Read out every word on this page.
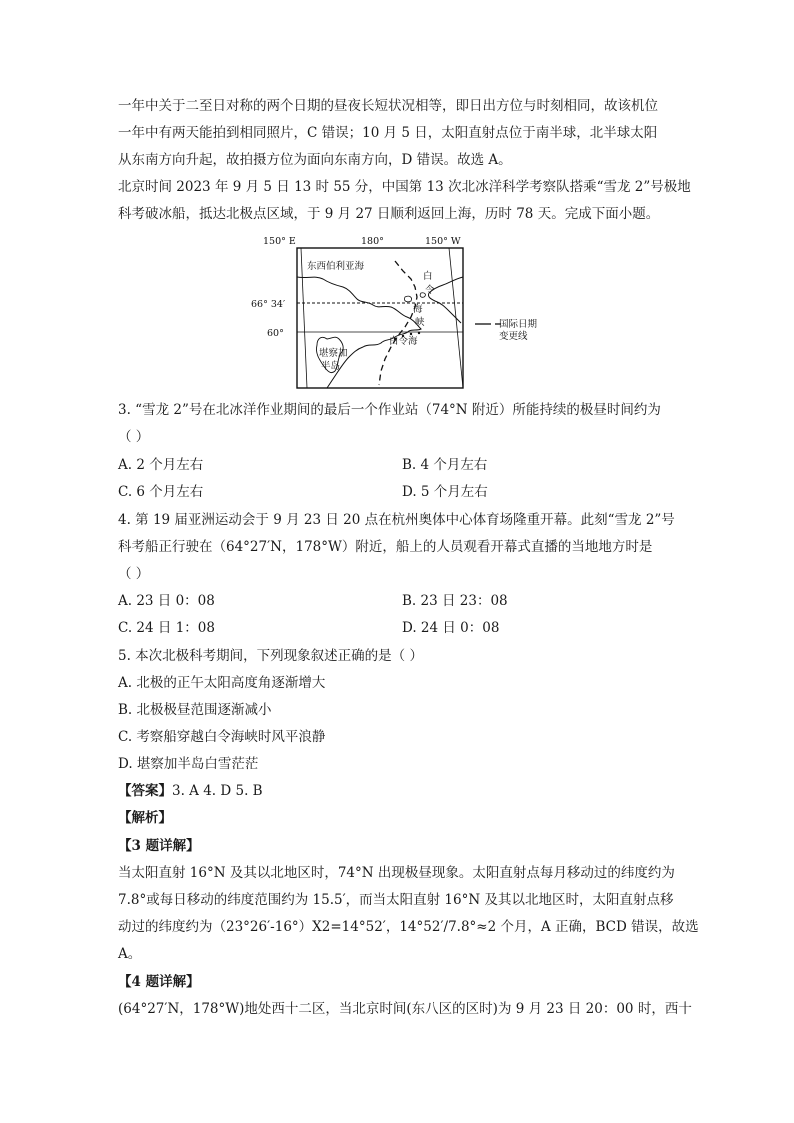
一年中关于二至日对称的两个日期的昼夜长短状况相等，即日出方位与时刻相同，故该机位
一年中有两天能拍到相同照片，C 错误；10 月 5 日，太阳直射点位于南半球，北半球太阳
从东南方向升起，故拍摄方位为面向东南方向，D 错误。故选 A。
北京时间 2023 年 9 月 5 日 13 时 55 分，中国第 13 次北冰洋科学考察队搭乘“雪龙 2”号极地
科考破冰船，抵达北极点区域，于 9 月 27 日顺利返回上海，历时 78 天。完成下面小题。
150° E	180°	150° W
66° 34′
60°
东西伯利亚海
白
令
海
峡
白令海
堪察加
半岛
国际日期
变更线
3. “雪龙 2”号在北冰洋作业期间的最后一个作业站（74°N 附近）所能持续的极昼时间约为
（ ）
A. 2 个月左右	B. 4 个月左右
C. 6 个月左右	D. 5 个月左右
4. 第 19 届亚洲运动会于 9 月 23 日 20 点在杭州奥体中心体育场隆重开幕。此刻“雪龙 2”号
科考船正行驶在（64°27′N，178°W）附近，船上的人员观看开幕式直播的当地地方时是
（ ）
A. 23 日 0：08	B. 23 日 23：08
C. 24 日 1：08	D. 24 日 0：08
5. 本次北极科考期间，下列现象叙述正确的是（ ）
A. 北极的正午太阳高度角逐渐增大
B. 北极极昼范围逐渐减小
C. 考察船穿越白令海峡时风平浪静
D. 堪察加半岛白雪茫茫
【答案】3. A 4. D 5. B
【解析】
【3 题详解】
当太阳直射 16°N 及其以北地区时，74°N 出现极昼现象。太阳直射点每月移动过的纬度约为
7.8°或每日移动的纬度范围约为 15.5′，而当太阳直射 16°N 及其以北地区时，太阳直射点移
动过的纬度约为（23°26′-16°）X2=14°52′，14°52′/7.8°≈2 个月，A 正确，BCD 错误，故选
A。
【4 题详解】
(64°27′N，178°W)地处西十二区，当北京时间(东八区的区时)为 9 月 23 日 20：00 时，西十
